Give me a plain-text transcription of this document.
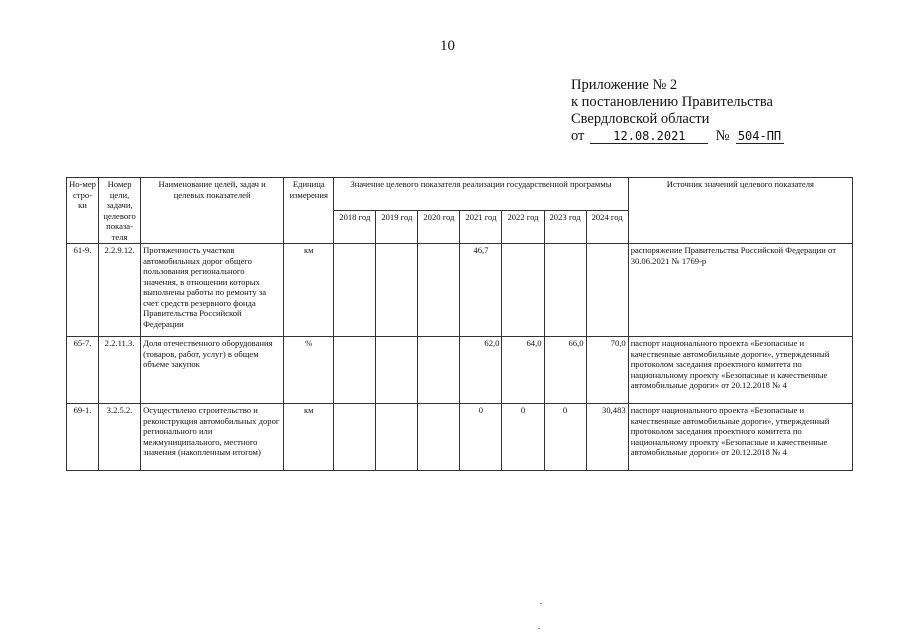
10
Приложение № 2
к постановлению Правительства
Свердловской области
от 12.08.2021 № 504-ПП
Но-мер стро-ки	Номер цели, задачи, целевого показа-теля	Наименование целей, задач и целевых показателей	Единица измерения	Значение целевого показателя реализации государственной программы							Источник значений целевого показателя
				2018 год	2019 год	2020 год	2021 год	2022 год	2023 год	2024 год	
61-9.	2.2.9.12.	Протяженность участков автомобильных дорог общего пользования регионального значения, в отношении которых выполнены работы по ремонту за счет средств резервного фонда Правительства Российской Федерации	км				46,7				распоряжение Правительства Российской Федерации от 30.06.2021 № 1769-р
65-7.	2.2.11.3.	Доля отечественного оборудования (товаров, работ, услуг) в общем объеме закупок	%				62,0	64,0	66,0	70,0	паспорт национального проекта «Безопасные и качественные автомобильные дороги», утвержденный протоколом заседания проектного комитета по национальному проекту «Безопасные и качественные автомобильные дороги» от 20.12.2018 № 4
69-1.	3.2.5.2.	Осуществлено строительство и реконструкция автомобильных дорог регионального или межмуниципального, местного значения (накопленным итогом)	км				0	0	0	30,483	паспорт национального проекта «Безопасные и качественные автомобильные дороги», утвержденный протоколом заседания проектного комитета по национальному проекту «Безопасные и качественные автомобильные дороги» от 20.12.2018 № 4
